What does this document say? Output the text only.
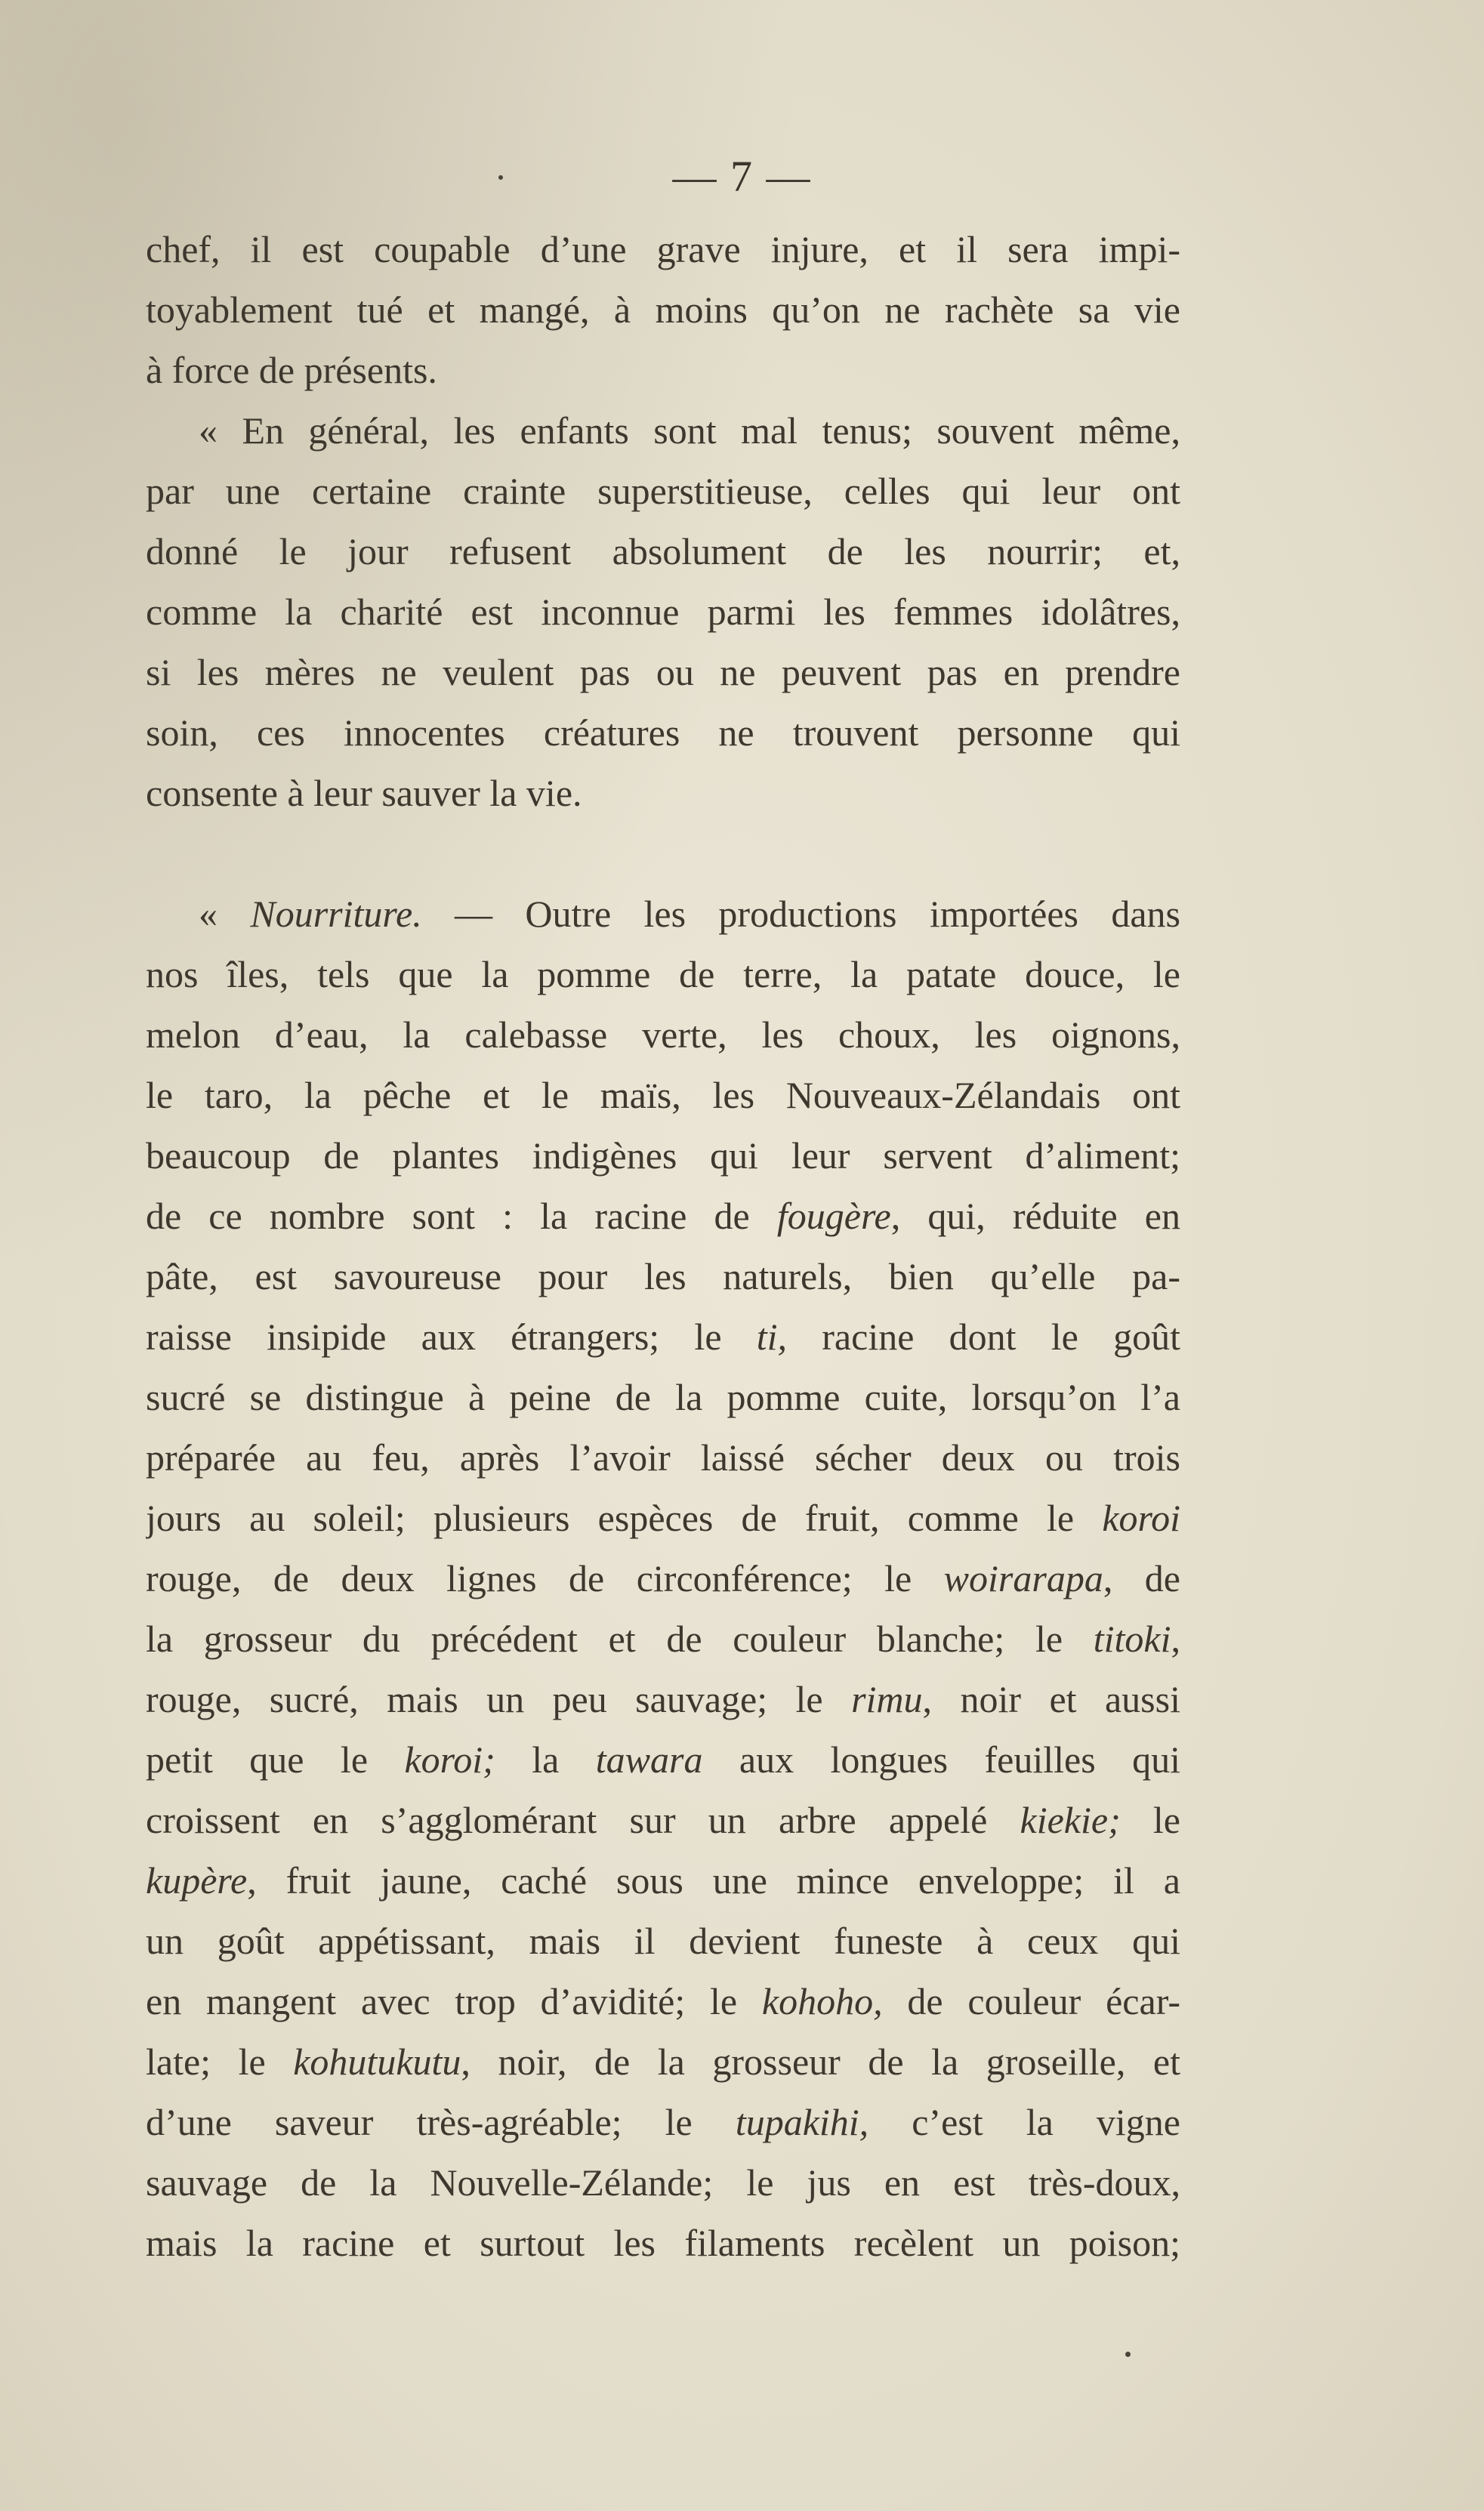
— 7 —
chef, il est coupable d’une grave injure, et il sera impi-
toyablement tué et mangé, à moins qu’on ne rachète sa vie
à force de présents.
« En général, les enfants sont mal tenus; souvent même,
par une certaine crainte superstitieuse, celles qui leur ont
donné le jour refusent absolument de les nourrir; et,
comme la charité est inconnue parmi les femmes idolâtres,
si les mères ne veulent pas ou ne peuvent pas en prendre
soin, ces innocentes créatures ne trouvent personne qui
consente à leur sauver la vie.
« Nourriture. — Outre les productions importées dans
nos îles, tels que la pomme de terre, la patate douce, le
melon d’eau, la calebasse verte, les choux, les oignons,
le taro, la pêche et le maïs, les Nouveaux-Zélandais ont
beaucoup de plantes indigènes qui leur servent d’aliment;
de ce nombre sont : la racine de fougère, qui, réduite en
pâte, est savoureuse pour les naturels, bien qu’elle pa-
raisse insipide aux étrangers; le ti, racine dont le goût
sucré se distingue à peine de la pomme cuite, lorsqu’on l’a
préparée au feu, après l’avoir laissé sécher deux ou trois
jours au soleil; plusieurs espèces de fruit, comme le koroi
rouge, de deux lignes de circonférence; le woirarapa, de
la grosseur du précédent et de couleur blanche; le titoki,
rouge, sucré, mais un peu sauvage; le rimu, noir et aussi
petit que le koroi; la tawara aux longues feuilles qui
croissent en s’agglomérant sur un arbre appelé kiekie; le
kupère, fruit jaune, caché sous une mince enveloppe; il a
un goût appétissant, mais il devient funeste à ceux qui
en mangent avec trop d’avidité; le kohoho, de couleur écar-
late; le kohutukutu, noir, de la grosseur de la groseille, et
d’une saveur très-agréable; le tupakihi, c’est la vigne
sauvage de la Nouvelle-Zélande; le jus en est très-doux,
mais la racine et surtout les filaments recèlent un poison;
